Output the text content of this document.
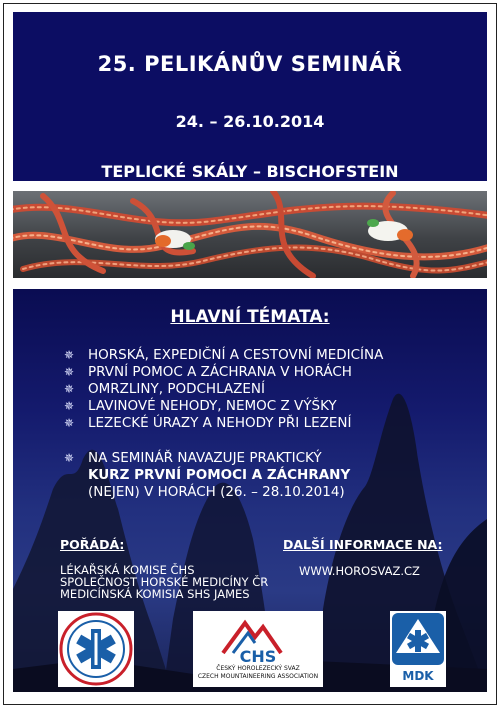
25. PELIKÁNŮV SEMINÁŘ
24. – 26.10.2014
TEPLICKÉ SKÁLY – BISCHOFSTEIN
HLAVNÍ TÉMATA:
✵ HORSKÁ, EXPEDIČNÍ A CESTOVNÍ MEDICÍNA
✵ PRVNÍ POMOC A ZÁCHRANA V HORÁCH
✵ OMRZLINY, PODCHLAZENÍ
✵ LAVINOVÉ NEHODY, NEMOC Z VÝŠKY
✵ LEZECKÉ ÚRAZY A NEHODY PŘI LEZENÍ
✵ NA SEMINÁŘ NAVAZUJE PRAKTICKÝ
KURZ PRVNÍ POMOCI A ZÁCHRANY
(NEJEN) V HORÁCH (26. – 28.10.2014)
POŘÁDÁ:
LÉKAŘSKÁ KOMISE ČHS
SPOLEČNOST HORSKÉ MEDICÍNY ČR
MEDICÍNSKÁ KOMISIA SHS JAMES
DALŠÍ INFORMACE NA:
WWW.HOROSVAZ.CZ
CHS
ČESKÝ HOROLEZECKÝ SVAZ
CZECH MOUNTAINEERING ASSOCIATION	MDK
